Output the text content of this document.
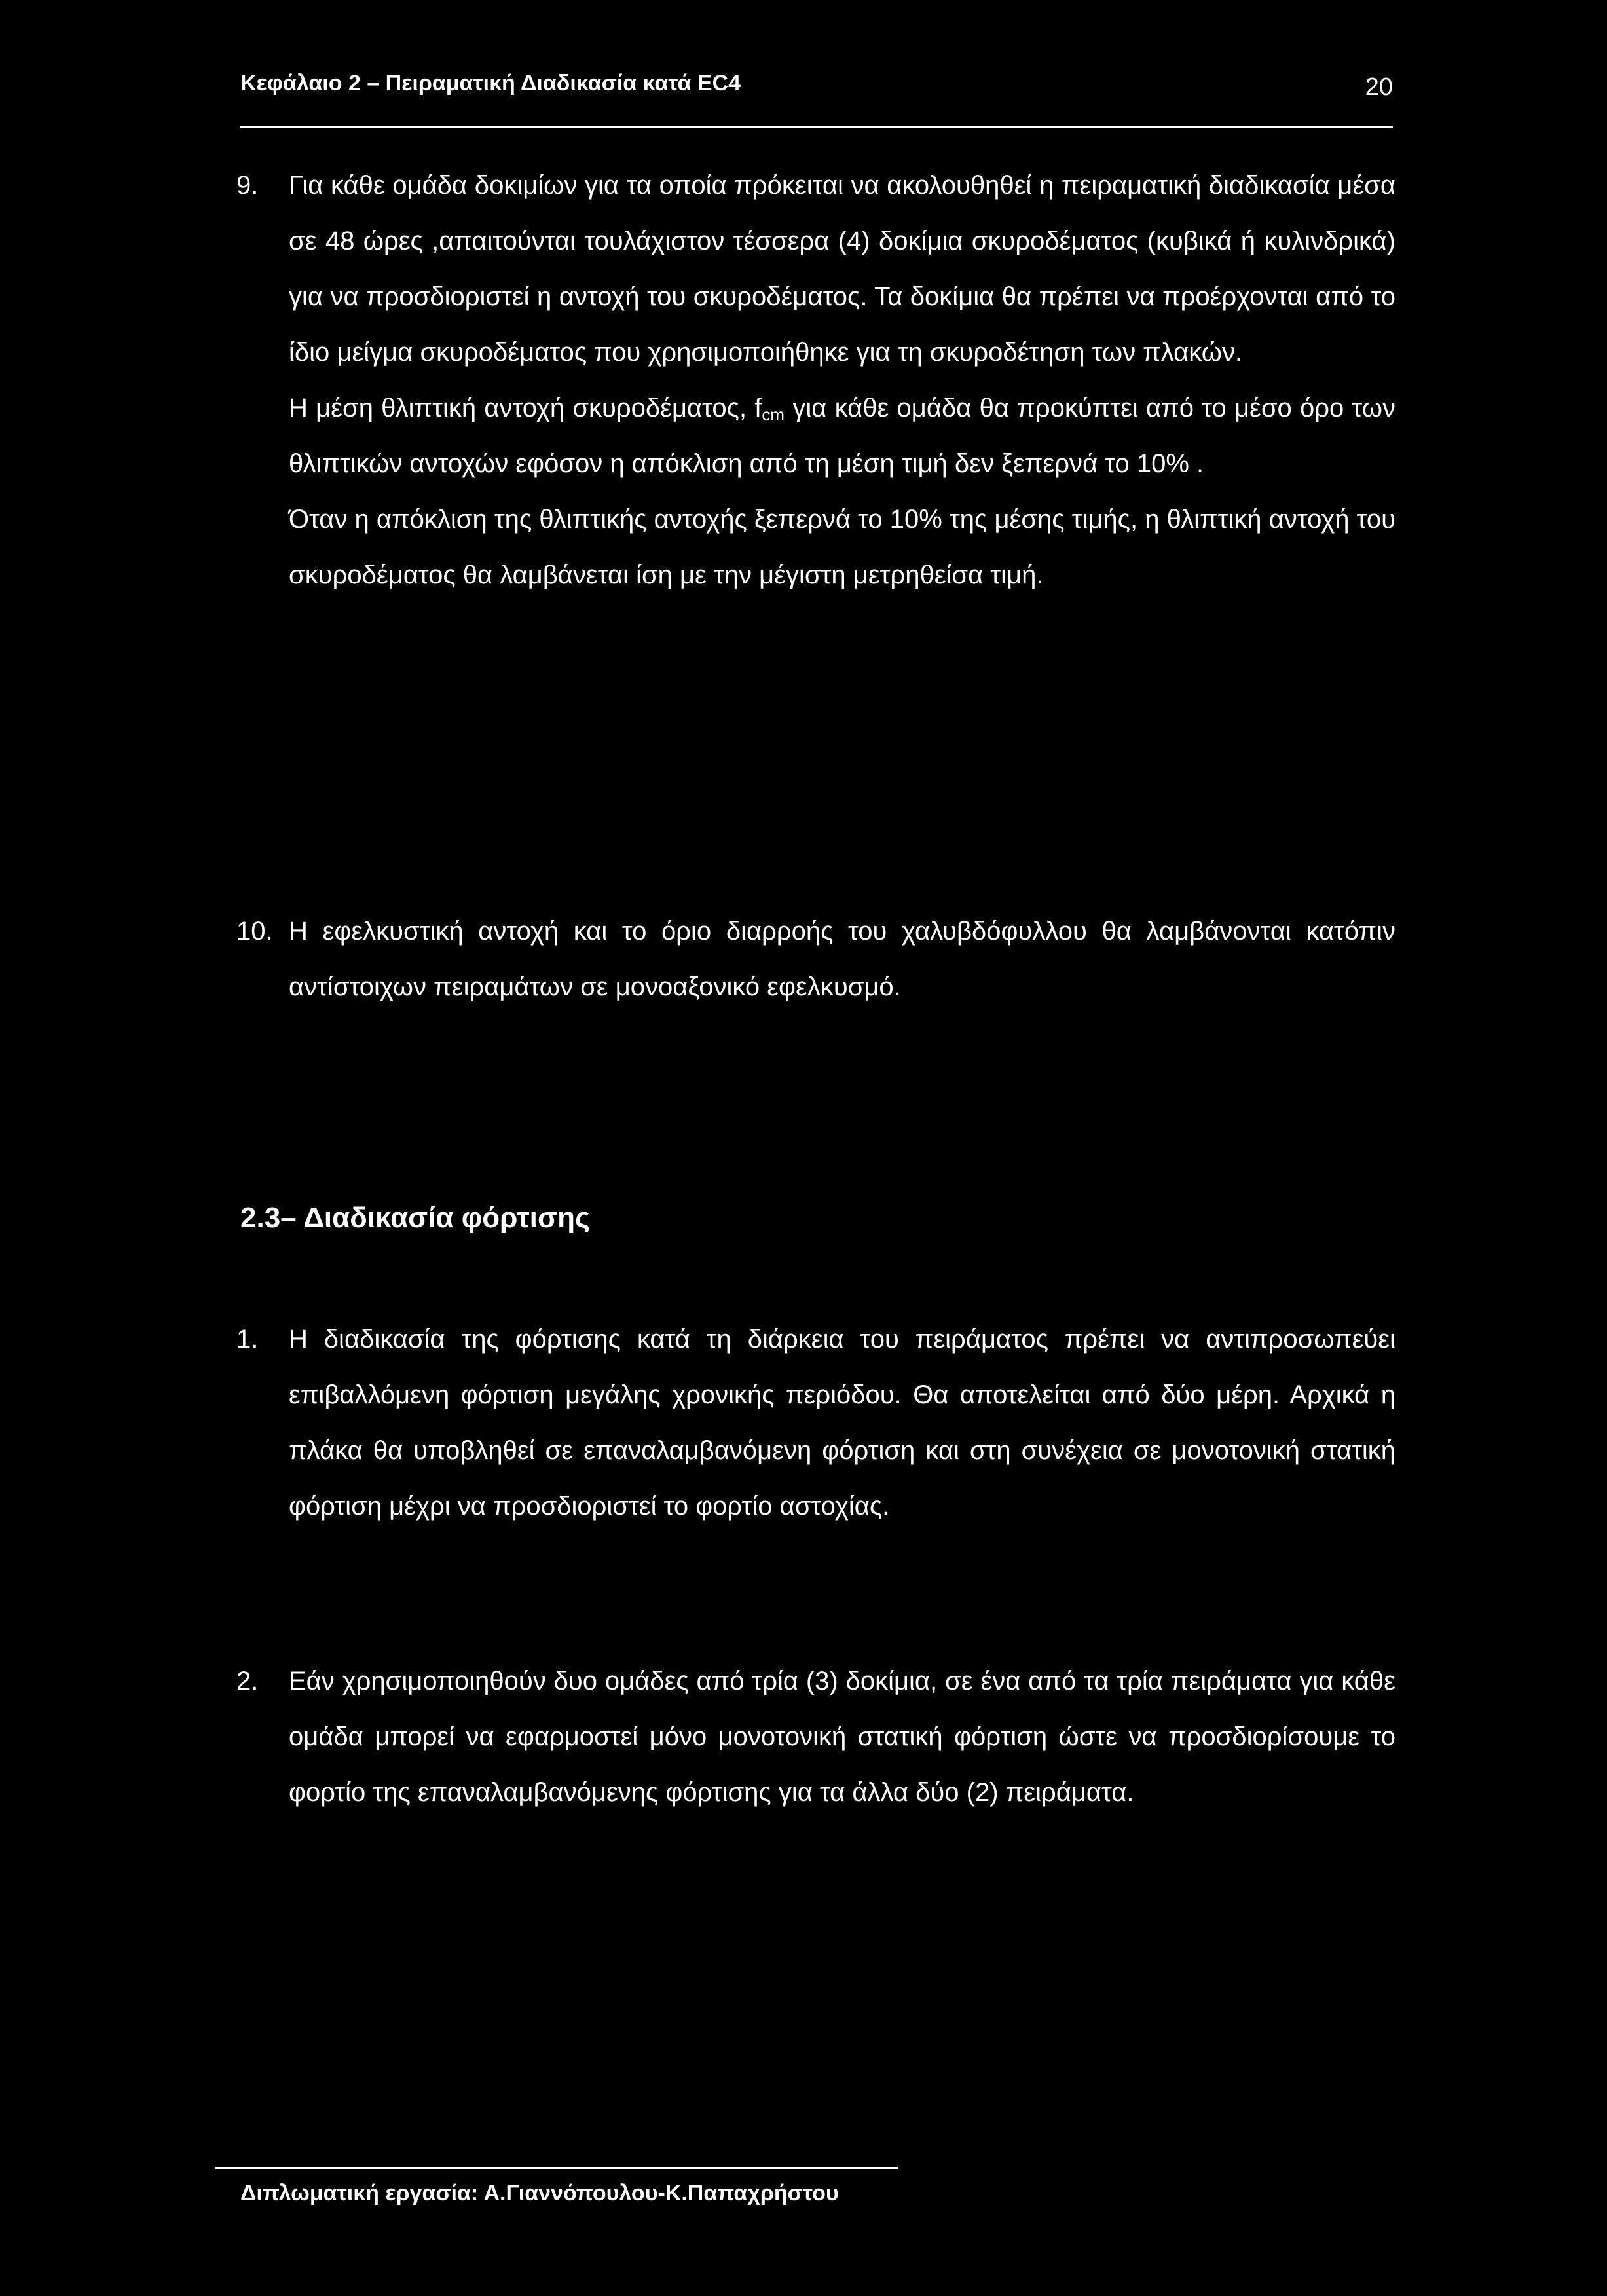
Κεφάλαιο 2 – Πειραματική Διαδικασία κατά EC4	20
9. Για κάθε ομάδα δοκιμίων για τα οποία πρόκειται να ακολουθηθεί η πειραματική διαδικασία μέσα σε 48 ώρες ,απαιτούνται τουλάχιστον τέσσερα (4) δοκίμια σκυροδέματος (κυβικά ή κυλινδρικά) για να προσδιοριστεί η αντοχή του σκυροδέματος. Τα δοκίμια θα πρέπει να προέρχονται από το ίδιο μείγμα σκυροδέματος που χρησιμοποιήθηκε για τη σκυροδέτηση των πλακών.

Η μέση θλιπτική αντοχή σκυροδέματος, $f_{cm}$ για κάθε ομάδα θα προκύπτει από το μέσο όρο των θλιπτικών αντοχών εφόσον η απόκλιση από τη μέση τιμή δεν ξεπερνά το 10% .

Όταν η απόκλιση της θλιπτικής αντοχής ξεπερνά το 10% της μέσης τιμής, η θλιπτική αντοχή του σκυροδέματος θα λαμβάνεται ίση με την μέγιστη μετρηθείσα τιμή.

10. Η εφελκυστική αντοχή και το όριο διαρροής του χαλυβδόφυλλου θα λαμβάνονται κατόπιν αντίστοιχων πειραμάτων σε μονοαξονικό εφελκυσμό.

2.3– Διαδικασία φόρτισης
1. Η διαδικασία της φόρτισης κατά τη διάρκεια του πειράματος πρέπει να αντιπροσωπεύει επιβαλλόμενη φόρτιση μεγάλης χρονικής περιόδου. Θα αποτελείται από δύο μέρη. Αρχικά η πλάκα θα υποβληθεί σε επαναλαμβανόμενη φόρτιση και στη συνέχεια σε μονοτονική στατική φόρτιση μέχρι να προσδιοριστεί το φορτίο αστοχίας.

2. Εάν χρησιμοποιηθούν δυο ομάδες από τρία (3) δοκίμια, σε ένα από τα τρία πειράματα για κάθε ομάδα μπορεί να εφαρμοστεί μόνο μονοτονική στατική φόρτιση ώστε να προσδιορίσουμε το φορτίο της επαναλαμβανόμενης φόρτισης για τα άλλα δύο (2) πειράματα.

Διπλωματική εργασία: Α.Γιαννόπουλου-Κ.Παπαχρήστου
